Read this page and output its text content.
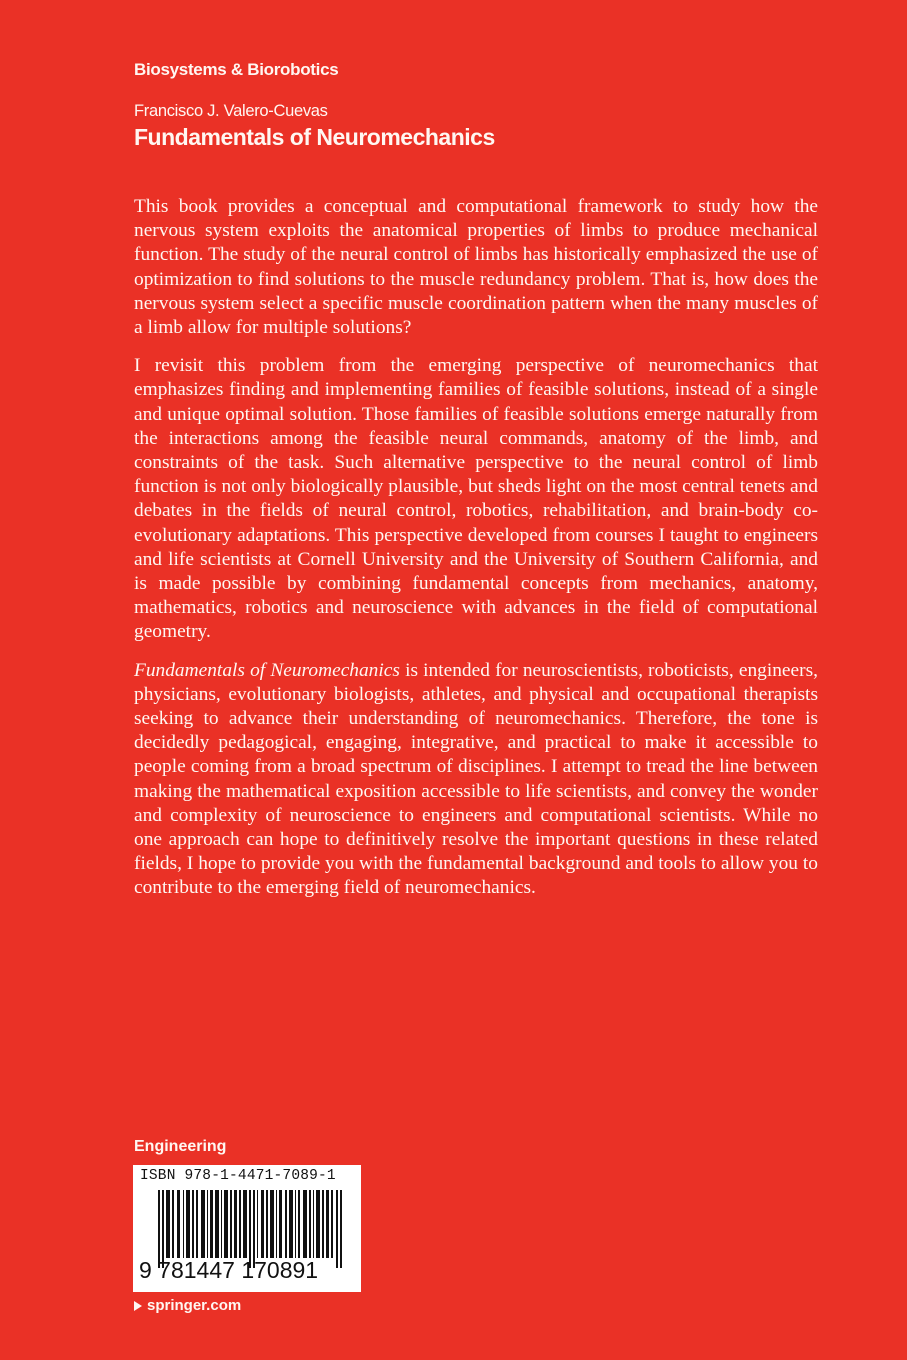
Biosystems & Biorobotics
Francisco J. Valero-Cuevas
Fundamentals of Neuromechanics

This book provides a conceptual and computational framework to study how the nervous system exploits the anatomical properties of limbs to produce mechanical function. The study of the neural control of limbs has historically emphasized the use of optimization to find solutions to the muscle redundancy problem. That is, how does the nervous system select a specific muscle coordination pattern when the many muscles of a limb allow for multiple solutions?

I revisit this problem from the emerging perspective of neuromechanics that emphasizes finding and implementing families of feasible solutions, instead of a single and unique optimal solution. Those families of feasible solutions emerge naturally from the interactions among the feasible neural commands, anatomy of the limb, and constraints of the task. Such alternative perspective to the neural control of limb function is not only biologically plausible, but sheds light on the most central tenets and debates in the fields of neural control, robotics, rehabilitation, and brain-body co-evolutionary adaptations. This perspective developed from courses I taught to engineers and life scientists at Cornell University and the University of Southern California, and is made possible by combining fundamental concepts from mechanics, anatomy, mathematics, robotics and neuroscience with advances in the field of computational geometry.

Fundamentals of Neuromechanics is intended for neuroscientists, roboticists, engineers, physicians, evolutionary biologists, athletes, and physical and occupational therapists seeking to advance their understanding of neuromechanics. Therefore, the tone is decidedly pedagogical, engaging, integrative, and practical to make it accessible to people coming from a broad spectrum of disciplines. I attempt to tread the line between making the mathematical exposition accessible to life scientists, and convey the wonder and complexity of neuroscience to engineers and computational scientists. While no one approach can hope to definitively resolve the important questions in these related fields, I hope to provide you with the fundamental background and tools to allow you to contribute to the emerging field of neuromechanics.

Engineering
ISBN 978-1-4471-7089-1
9 781447 170891
springer.com
